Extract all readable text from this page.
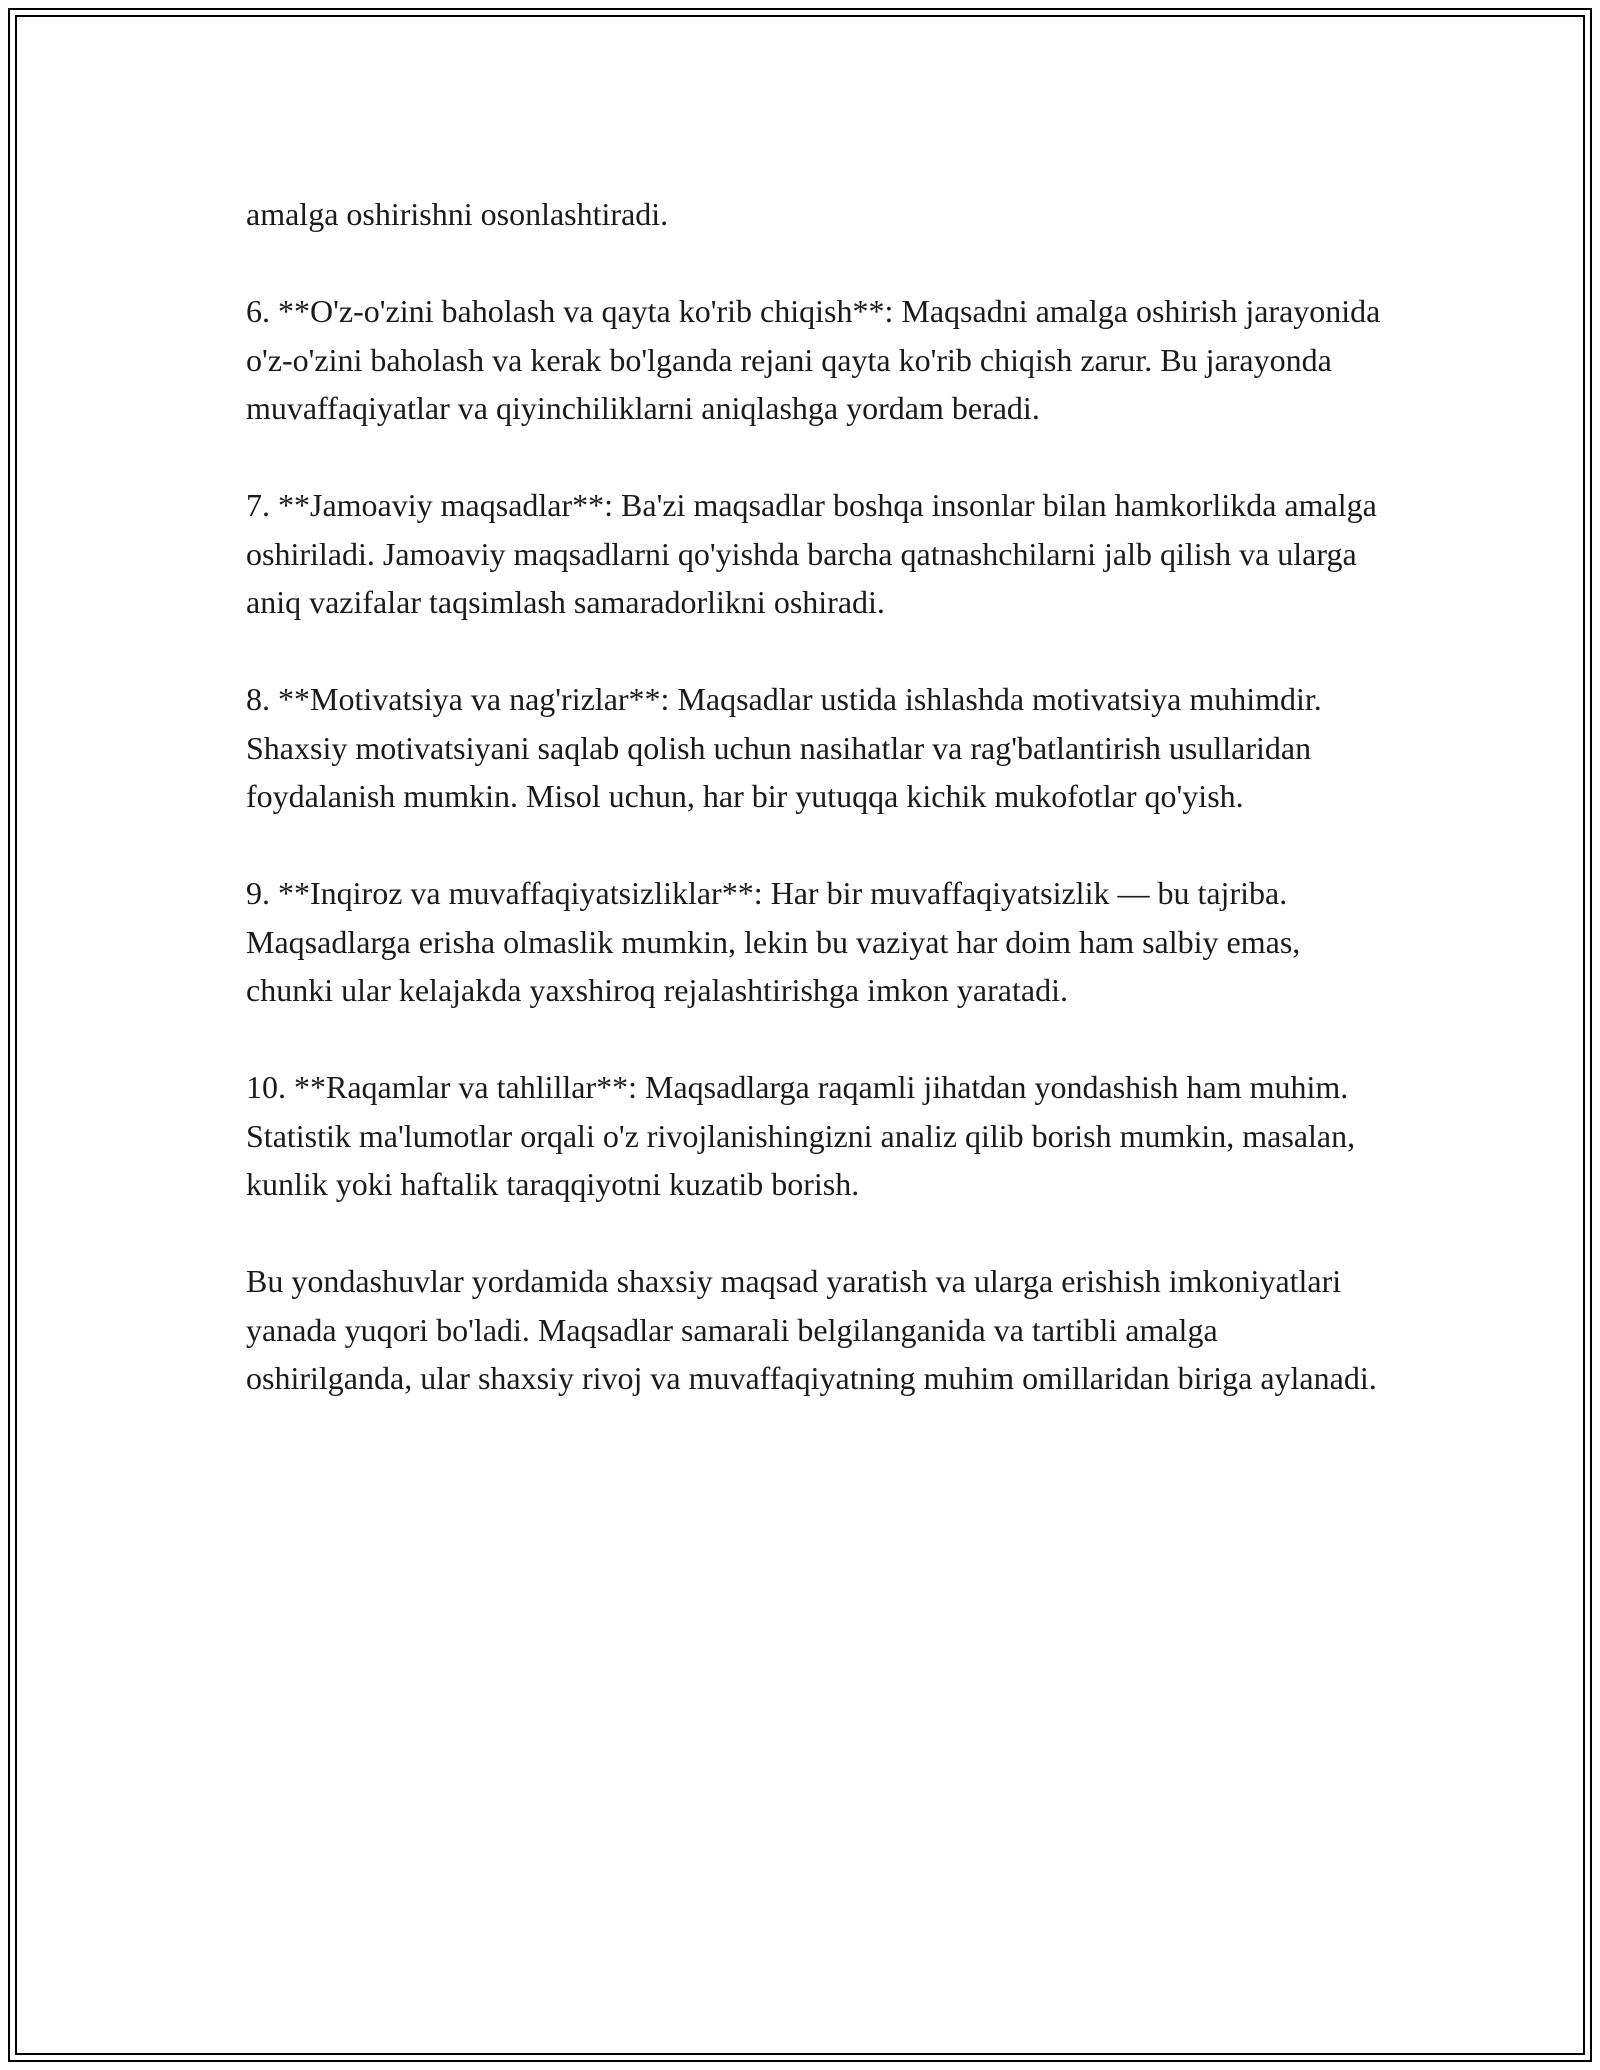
amalga oshirishni osonlashtiradi.

6. **O'z-o'zini baholash va qayta ko'rib chiqish**: Maqsadni amalga oshirish jarayonida o'z-o'zini baholash va kerak bo'lganda rejani qayta ko'rib chiqish zarur. Bu jarayonda muvaffaqiyatlar va qiyinchiliklarni aniqlashga yordam beradi.

7. **Jamoaviy maqsadlar**: Ba'zi maqsadlar boshqa insonlar bilan hamkorlikda amalga oshiriladi. Jamoaviy maqsadlarni qo'yishda barcha qatnashchilarni jalb qilish va ularga aniq vazifalar taqsimlash samaradorlikni oshiradi.

8. **Motivatsiya va nag'rizlar**: Maqsadlar ustida ishlashda motivatsiya muhimdir. Shaxsiy motivatsiyani saqlab qolish uchun nasihatlar va rag'batlantirish usullaridan foydalanish mumkin. Misol uchun, har bir yutuqqa kichik mukofotlar qo'yish.

9. **Inqiroz va muvaffaqiyatsizliklar**: Har bir muvaffaqiyatsizlik — bu tajriba. Maqsadlarga erisha olmaslik mumkin, lekin bu vaziyat har doim ham salbiy emas, chunki ular kelajakda yaxshiroq rejalashtirishga imkon yaratadi.

10. **Raqamlar va tahlillar**: Maqsadlarga raqamli jihatdan yondashish ham muhim. Statistik ma'lumotlar orqali o'z rivojlanishingizni analiz qilib borish mumkin, masalan, kunlik yoki haftalik taraqqiyotni kuzatib borish.

Bu yondashuvlar yordamida shaxsiy maqsad yaratish va ularga erishish imkoniyatlari yanada yuqori bo'ladi. Maqsadlar samarali belgilanganida va tartibli amalga oshirilganda, ular shaxsiy rivoj va muvaffaqiyatning muhim omillaridan biriga aylanadi.
